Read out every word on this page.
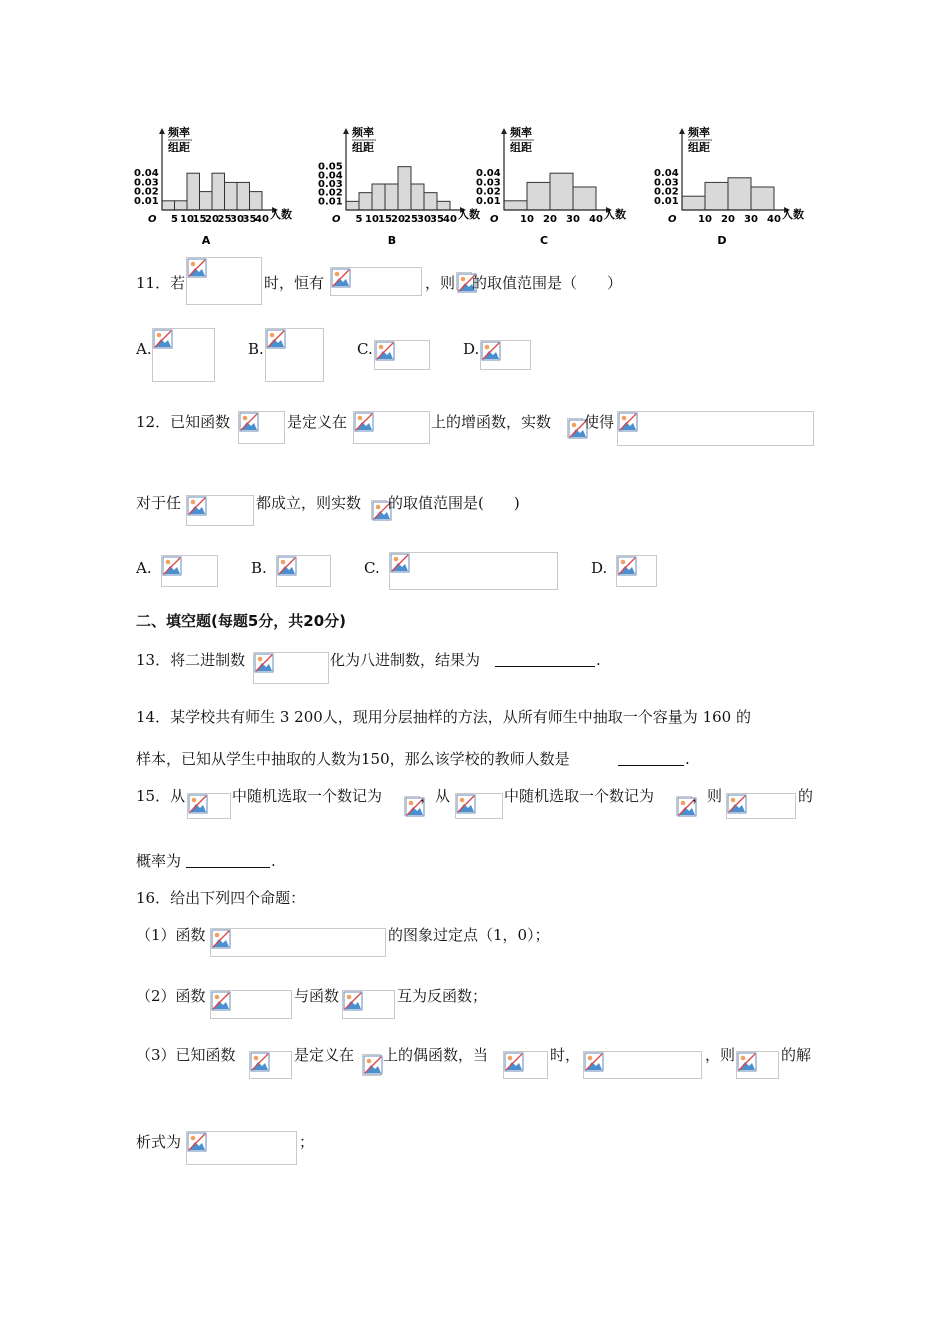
频率
组距
0.04
0.03
0.02
0.01
O 5 10
15
20
25
30
35
40 人数
A
频率
组距
0.05
0.04
0.03
0.02
0.01
O 5 10 15 20 25 30 35 40 人数
B
频率
组距
0.04
0.03
0.02
0.01
O 10 20 30 40 人数
C
频率
组距
0.04
0.03
0.02
0.01
O 10 20 30 40 人数
D
11．若	时，恒有	，则 的取值范围是（　　）
A.	B.	C.	D.
12．已知函数	是定义在	上的增函数，实数 使得
对于任	都成立，则实数 的取值范围是(　　)
A.	B.	C.	D.
二、填空题(每题5分，共20分)
13．将二进制数	化为八进制数，结果为	.
14．某学校共有师生 3 200人，现用分层抽样的方法，从所有师生中抽取一个容量为 160 的
样本，已知从学生中抽取的人数为150，那么该学校的教师人数是	.
15．从	中随机选取一个数记为	，从	中随机选取一个数记为	，则	的
概率为	.
16．给出下列四个命题：
（1）函数	的图象过定点（1，0）；
（2）函数	与函数	互为反函数；
（3）已知函数	是定义在 上的偶函数，当	时，	，则	的解
析式为	；
